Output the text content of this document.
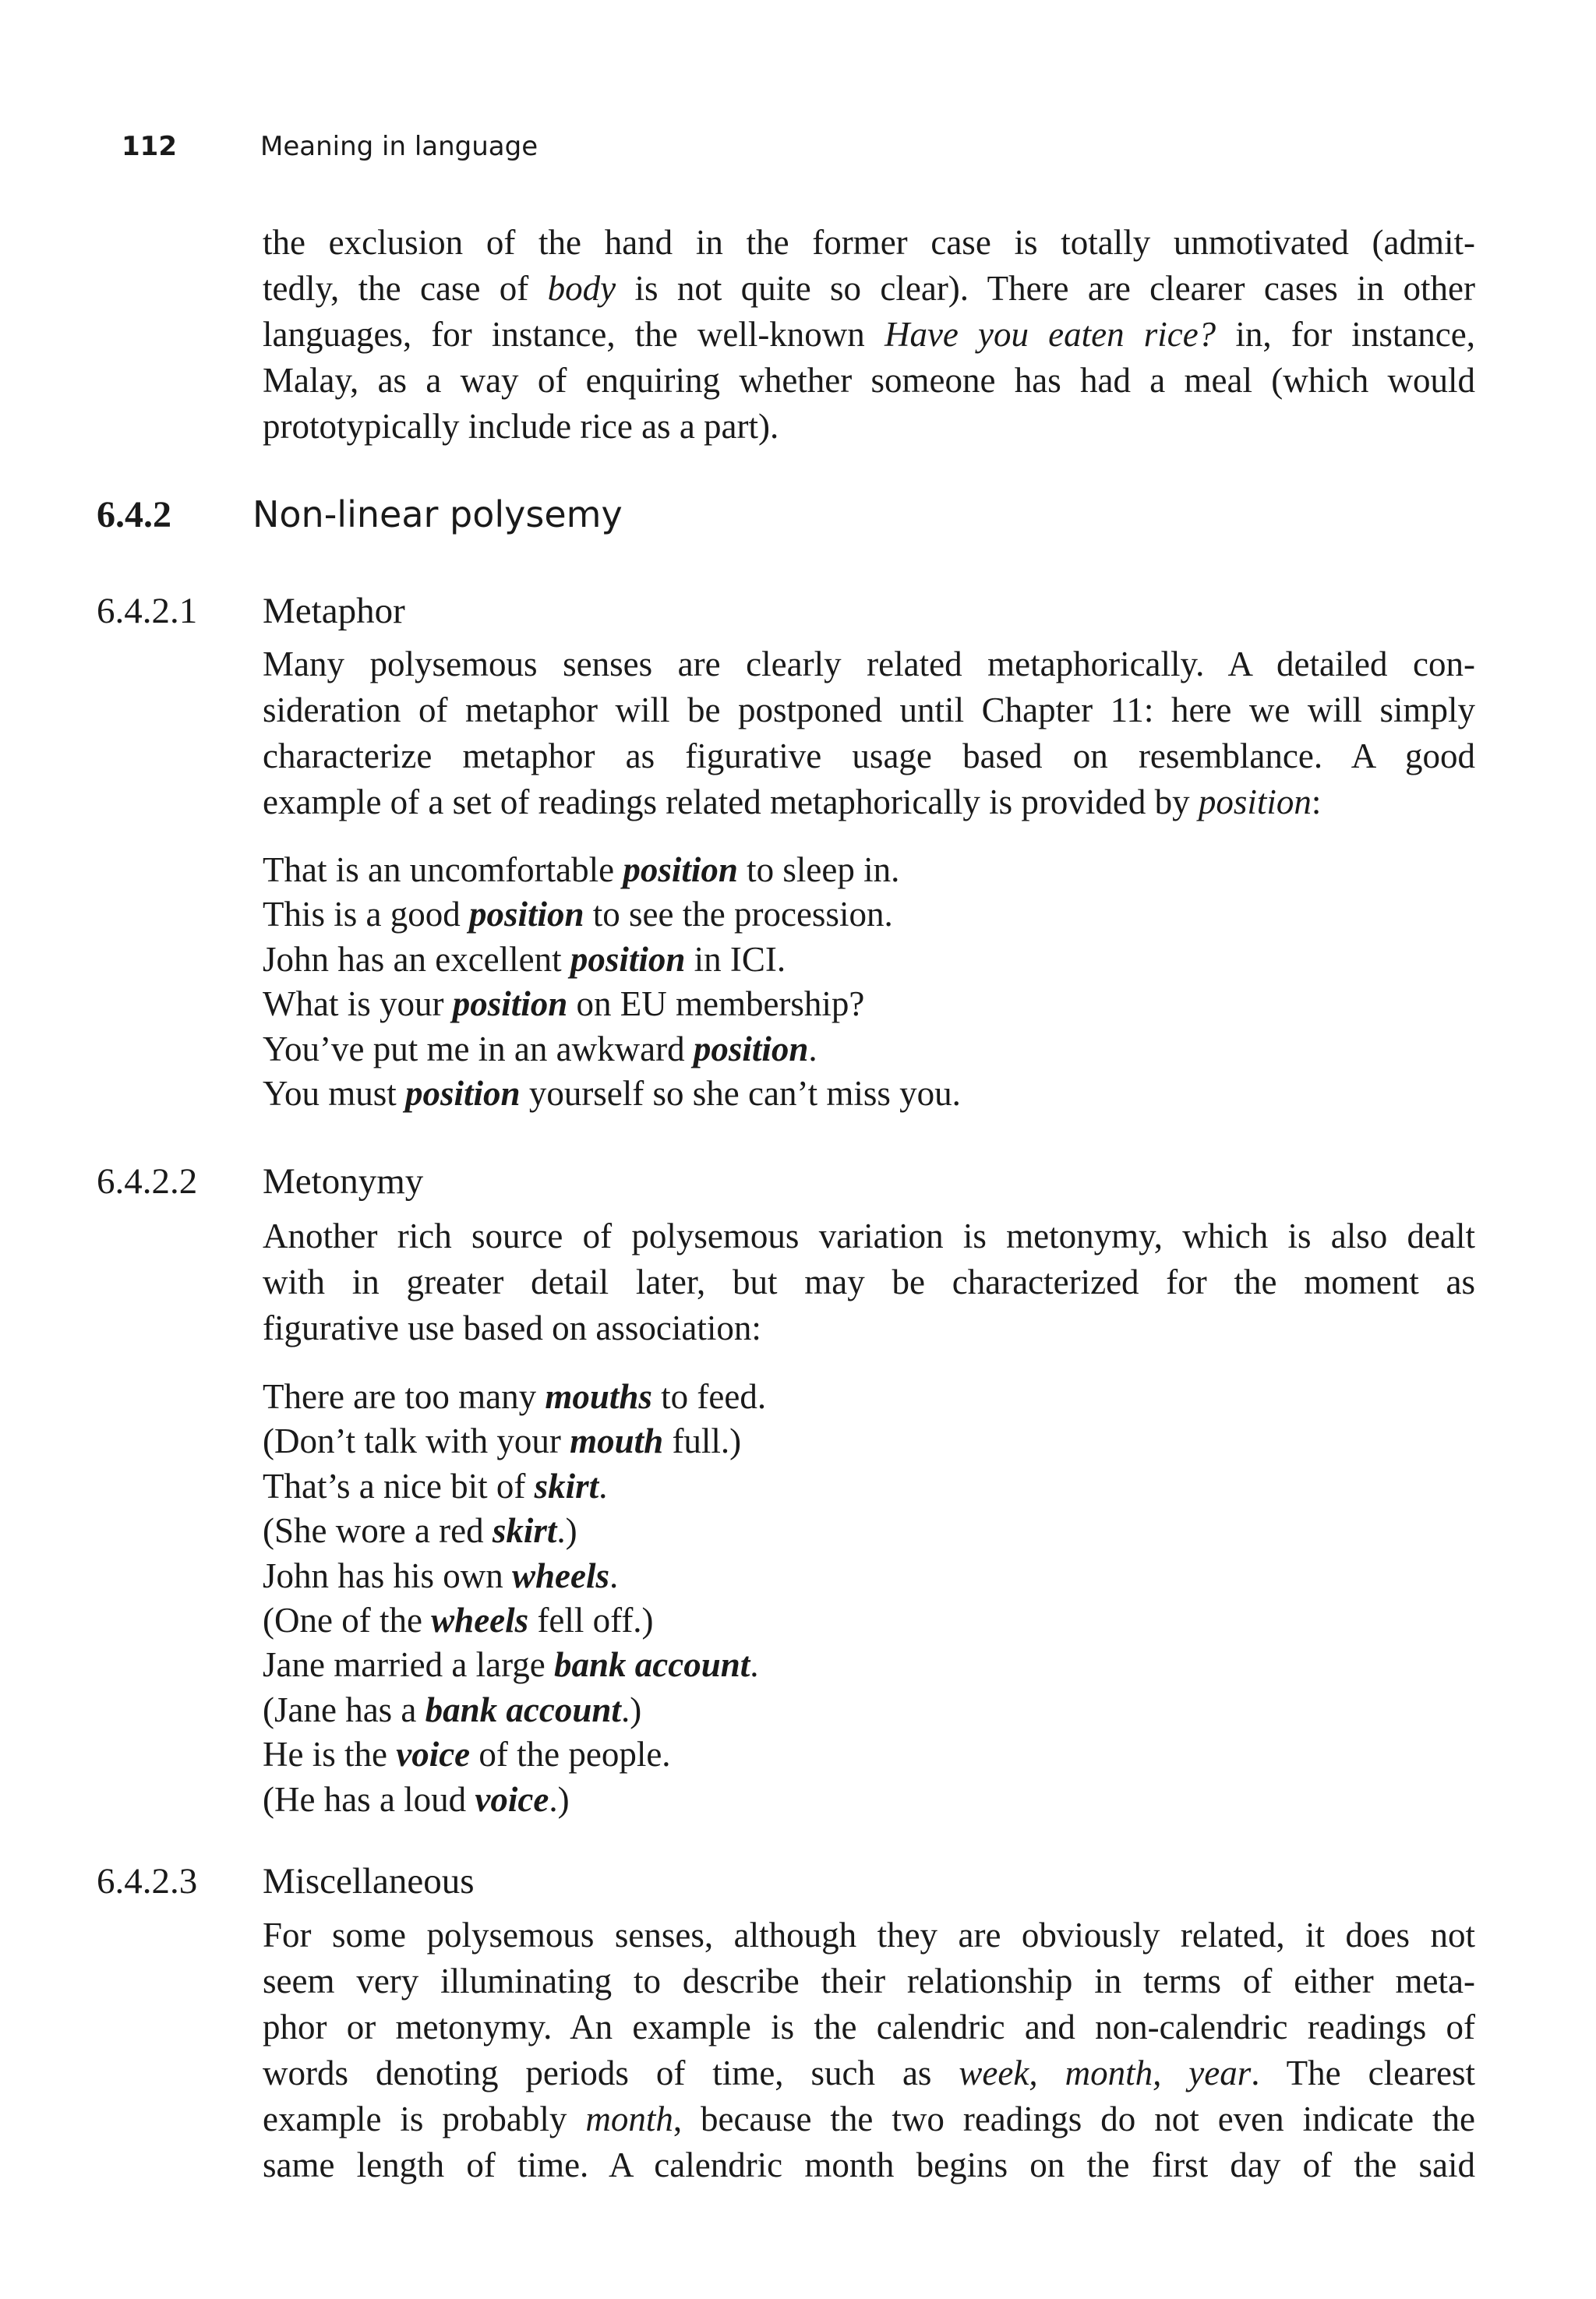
112	Meaning in language
the exclusion of the hand in the former case is totally unmotivated (admit-
tedly, the case of body is not quite so clear). There are clearer cases in other
languages, for instance, the well-known Have you eaten rice? in, for instance,
Malay, as a way of enquiring whether someone has had a meal (which would
prototypically include rice as a part).
6.4.2 Non-linear polysemy
6.4.2.1 Metaphor
Many polysemous senses are clearly related metaphorically. A detailed con-
sideration of metaphor will be postponed until Chapter 11: here we will simply
characterize metaphor as figurative usage based on resemblance. A good
example of a set of readings related metaphorically is provided by position:
That is an uncomfortable position to sleep in.
This is a good position to see the procession.
John has an excellent position in ICI.
What is your position on EU membership?
You’ve put me in an awkward position.
You must position yourself so she can’t miss you.
6.4.2.2 Metonymy
Another rich source of polysemous variation is metonymy, which is also dealt
with in greater detail later, but may be characterized for the moment as
figurative use based on association:
There are too many mouths to feed.
(Don’t talk with your mouth full.)
That’s a nice bit of skirt.
(She wore a red skirt.)
John has his own wheels.
(One of the wheels fell off.)
Jane married a large bank account.
(Jane has a bank account.)
He is the voice of the people.
(He has a loud voice.)
6.4.2.3 Miscellaneous
For some polysemous senses, although they are obviously related, it does not
seem very illuminating to describe their relationship in terms of either meta-
phor or metonymy. An example is the calendric and non-calendric readings of
words denoting periods of time, such as week, month, year. The clearest
example is probably month, because the two readings do not even indicate the
same length of time. A calendric month begins on the first day of the said
